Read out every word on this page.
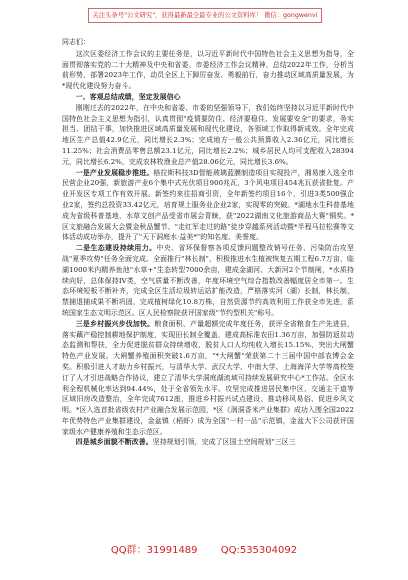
关注头条号"公文研究"，获得最新最全最专业的公文资料库！ 微信：gongwenvi

同志们：

这次区委经济工作会议的主要任务是，以习近平新时代中国特色社会主义思想为指导，全面贯彻落实党的二十大精神及中央和省委、市委经济工作会议精神，总结2022年工作，分析当前形势，部署2023年工作，动员全区上下踔厉奋发、勇毅前行，奋力推动区域高质量发展，为*现代化建设努力奋斗。

一、客观总结成绩，坚定发展信心

刚刚过去的2022年，在中央和省委、市委的坚强领导下，我们始终坚持以习近平新时代中国特色社会主义思想为指引，认真贯彻"疫情要防住、经济要稳住、发展要安全"的要求，务实担当、团结干事，加快推进区域高质量发展和现代化建设，各领域工作取得新成效。全年完成地区生产总值42.9亿元，同比增长2.3%；完成地方一般公共预算收入2.36亿元，同比增长11.25%；社会消费品零售总额23.1亿元，同比增长2.2%；城乡居民人均可支配收入28394元，同比增长6.2%，完成农林牧渔业总产值28.06亿元，同比增长3.6%。

一是产业发展稳步推进。格拉斯科技3D智能玻璃蓝膜制造项目实现投产，湘易康入选全市民营企业20强，新旅游产业6个集中式光伏项目900兆瓦，3个风电项目454兆瓦获省批复。产业开发区专项工作有效开展。新签约来往招商引资，全年新签约项目16个，引进3类500强企业2家，签约总投资33.42亿元，培育规上服务业企业2家，实现零的突破。*湖地水生科普基地成为省级科普基地，水草文创产品受省市展会青睐，获"2022湖南文化旅游商品大赛"铜奖。*区文旅融合发展大会暨金秋品蟹节、"走红军走过的路"徒步穿越系列活动暨*半程马拉松赛等文体活动成功举办，提升了"天下洞庭水·益美*"的知名度、美誉度。

二是生态建设持续用力。中央、省环保督察各项反馈问题整改销号任务、污染防治攻坚战"夏季攻势"任务全面完成。全面推行"林长制"，积极推进水生植被恢复五期工程6.7万亩，临湖1000米内精养鱼池"水草+"生态转型7000余亩，建成金湖河、大新河2个节制闸，*水质持续向好，总体保持IV类，空气质量不断改善，年度环境空气综合指数改善幅度居全市第一。生态环境短板不断补齐，完成全区生活垃圾转运站扩能改造，严格落实河（湖）长制，林长制，禁捕退捕成果不断巩固，完成植树绿化10.8万株，自然资源节约高效利用工作获全市先进，系统国家生态文明示范区。区人民检察院获评国家级"节约型机关"称号。

三是乡村振兴步伐加快。粮食面积、产量超额完成年度任务，获评全省粮食生产先进县，落实藕产稳控制耕地保护制度，实现田长制全覆盖，建成高标准农田1.36万亩，加强防返贫动态监测和帮扶，全力促进脱贫群众持续增收，脱贫人口人均纯收入增长15.15%，突出大闸蟹特色产业发展。大闸蟹养殖面积突破1.6万亩，"*大闸蟹"荣获第二十三届中国中部农博会金奖。积极引进人才助力乡村振兴，与清华大学、武汉大学、中南大学、上海海洋大学等高校签订了人才引进战略合作协议，建立了清华大学洞庭湖流域可持续发展研究中心*工作站。全区水利全程机械化率达到94.44%，处于全省领先水平。攻坚完成推进居民集中区、交通主干道等区域旧房改造整治，全年完成7612座，推进乡村振兴试点建设、推动移风易俗、促进乡风文明。*区入选首批省级农村产业融合发展示范园，*区《润洞香米产业集群》成功入围全国2022年优势特色产业集群建设，金盆镇（稻虾）成为全国"一村一品"示范镇，金盆大下公司获评国家级水产健康养殖和生态示范区。

四是城乡面貌不断改善。坚持规划引领，完成了区国土空间规划"三区三

QQ群：31991489 QQ:535304092
